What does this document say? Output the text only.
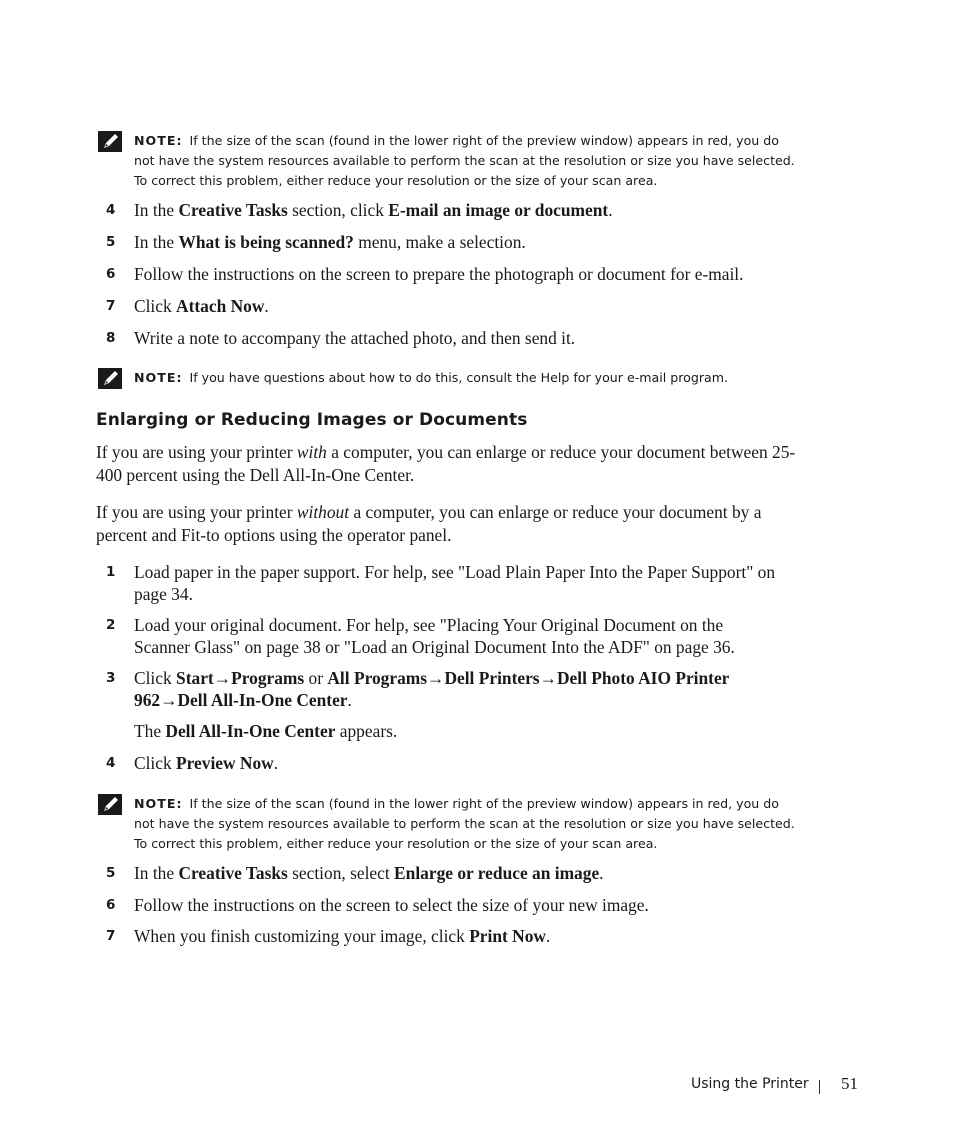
NOTE: If the size of the scan (found in the lower right of the preview window) appears in red, you do not have the system resources available to perform the scan at the resolution or size you have selected. To correct this problem, either reduce your resolution or the size of your scan area.
4 In the Creative Tasks section, click E-mail an image or document.
5 In the What is being scanned? menu, make a selection.
6 Follow the instructions on the screen to prepare the photograph or document for e-mail.
7 Click Attach Now.
8 Write a note to accompany the attached photo, and then send it.
NOTE: If you have questions about how to do this, consult the Help for your e-mail program.
Enlarging or Reducing Images or Documents
If you are using your printer with a computer, you can enlarge or reduce your document between 25-400 percent using the Dell All-In-One Center.
If you are using your printer without a computer, you can enlarge or reduce your document by a percent and Fit-to options using the operator panel.
1 Load paper in the paper support. For help, see "Load Plain Paper Into the Paper Support" on page 34.
2 Load your original document. For help, see "Placing Your Original Document on the Scanner Glass" on page 38 or "Load an Original Document Into the ADF" on page 36.
3 Click Start→Programs or All Programs→Dell Printers→Dell Photo AIO Printer 962→Dell All-In-One Center.
The Dell All-In-One Center appears.
4 Click Preview Now.
NOTE: If the size of the scan (found in the lower right of the preview window) appears in red, you do not have the system resources available to perform the scan at the resolution or size you have selected. To correct this problem, either reduce your resolution or the size of your scan area.
5 In the Creative Tasks section, select Enlarge or reduce an image.
6 Follow the instructions on the screen to select the size of your new image.
7 When you finish customizing your image, click Print Now.
Using the Printer 51
